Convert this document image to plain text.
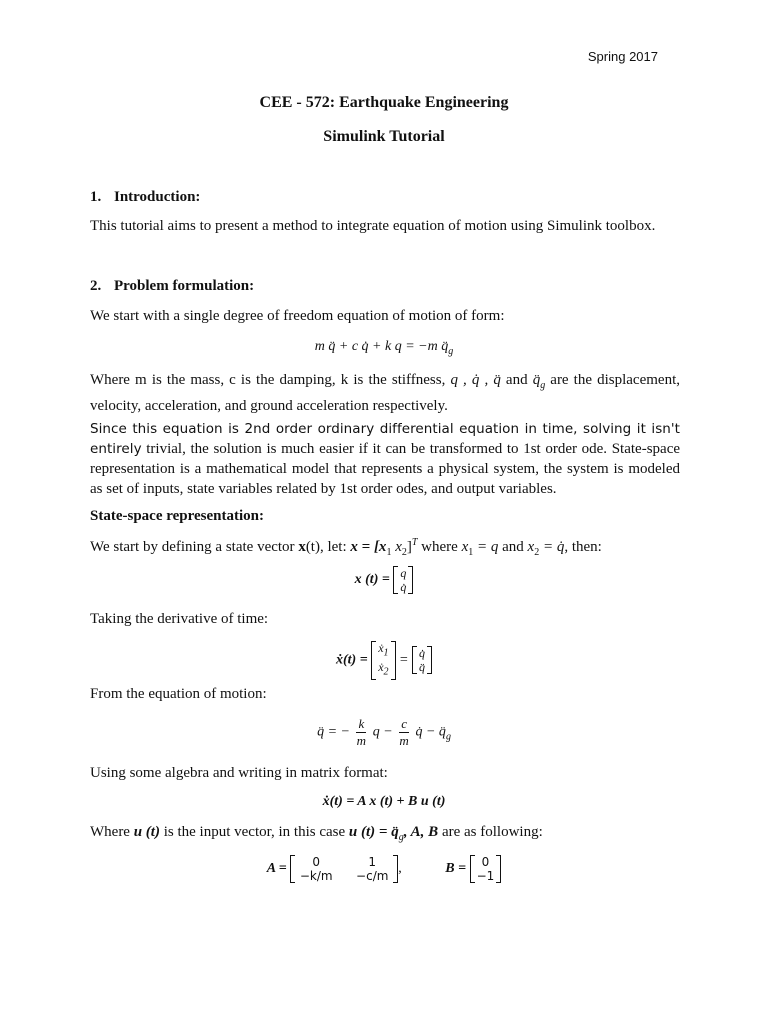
Spring 2017
CEE - 572: Earthquake Engineering
Simulink Tutorial
1. Introduction:
This tutorial aims to present a method to integrate equation of motion using Simulink toolbox.
2. Problem formulation:
We start with a single degree of freedom equation of motion of form:
m q̈ + c q̇ + k q = −m $q̈_g$
Where m is the mass, c is the damping, k is the stiffness, q , q̇ , q̈ and $q̈_g$ are the displacement, velocity, acceleration, and ground acceleration respectively.
Since this equation is 2nd order ordinary differential equation in time, solving it isn't entirely trivial, the solution is much easier if it can be transformed to 1st order ode. State-space representation is a mathematical model that represents a physical system, the system is modeled as set of inputs, state variables related by 1st order odes, and output variables.
State-space representation:
We start by defining a state vector x(t), let: $x = [x_1$ $x_2]^T$ where $x_1 = q$ and $x_2$ = q̇, then:
x (t) = q
q̇
Taking the derivative of time:
ẋ(t) =
ẋ$_1$
ẋ$_2$
= q̇
q̈
From the equation of motion:
q̈ = − $\frac{k}{m}$ $q - \frac{c}{m}$ q̇ − $q̈_g$
Using some algebra and writing in matrix format:
ẋ(t) = A x (t) + B u (t)
Where u (t) is the input vector, in this case u $(t) = q̈_g$, A, B are as following:
A =	0	1
−k/m −c/m ,	B = 0
−1
